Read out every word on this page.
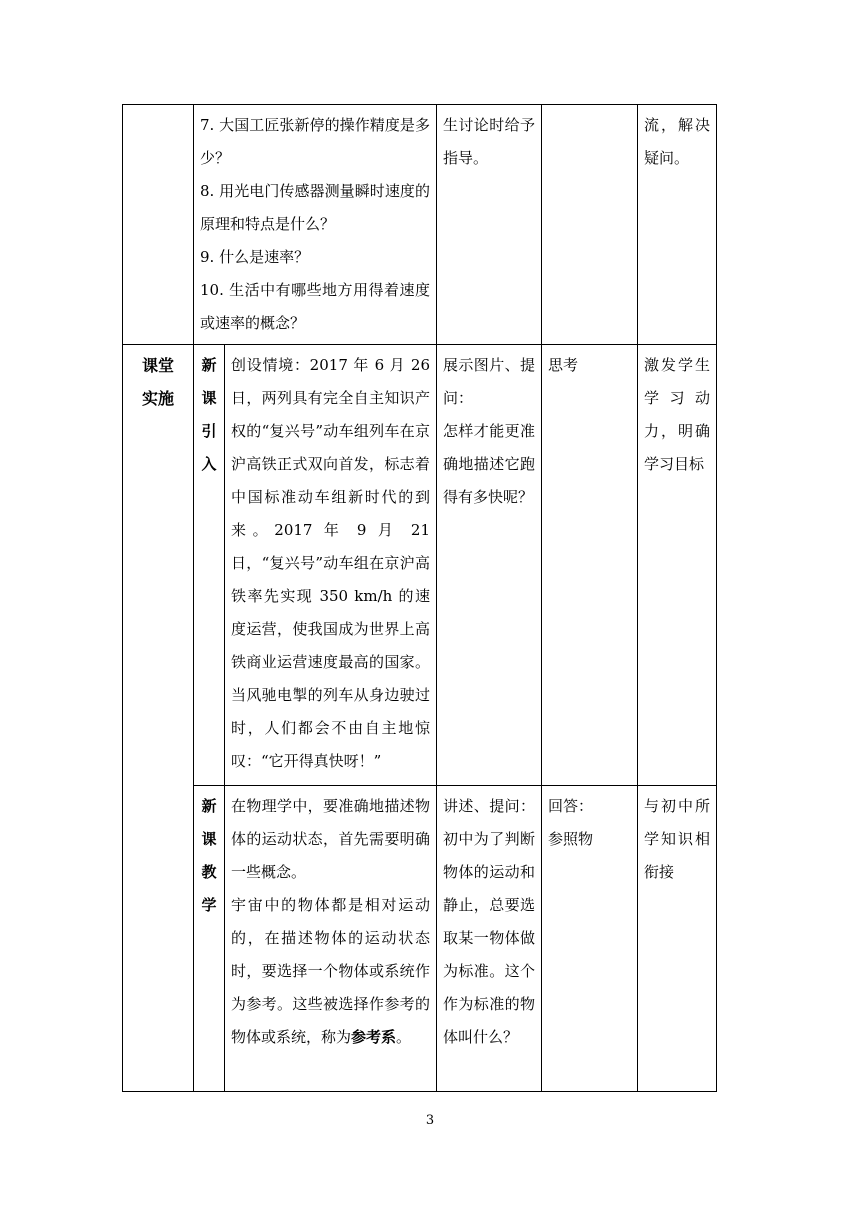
	7. 大国工匠张新停的操作精度是多少？
8. 用光电门传感器测量瞬时速度的原理和特点是什么？
9. 什么是速率？
10. 生活中有哪些地方用得着速度或速率的概念？		生讨论时给予指导。		流，解决疑问。

课堂
实施	新
课
引
入	创设情境：2017 年 6 月 26 日，两列具有完全自主知识产权的“复兴号”动车组列车在京沪高铁正式双向首发，标志着中国标准动车组新时代的到来。2017 年 9 月 21 日，“复兴号”动车组在京沪高铁率先实现 350 km/h 的速度运营，使我国成为世界上高铁商业运营速度最高的国家。当风驰电掣的列车从身边驶过时，人们都会不由自主地惊叹：“它开得真快呀！”	展示图片、提问：
怎样才能更准确地描述它跑得有多快呢？	思考	激发学生学习动力，明确学习目标

	新
课
教
学	在物理学中，要准确地描述物体的运动状态，首先需要明确一些概念。
宇宙中的物体都是相对运动的，在描述物体的运动状态时，要选择一个物体或系统作为参考。这些被选择作参考的物体或系统，称为参考系。	讲述、提问：初中为了判断物体的运动和静止，总要选取某一物体做为标准。这个作为标准的物体叫什么？	回答：
参照物	与初中所学知识相衔接
3
